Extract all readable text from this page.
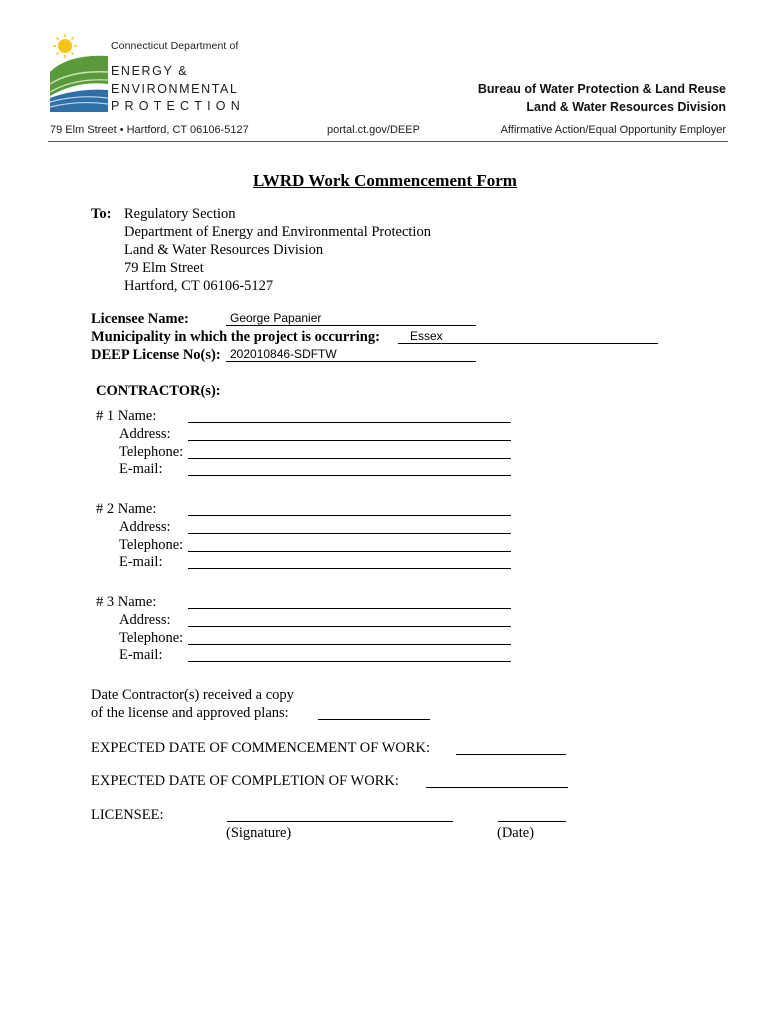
Connecticut Department of
ENERGY &
ENVIRONMENTAL
PROTECTION
Bureau of Water Protection & Land Reuse
Land & Water Resources Division
79 Elm Street • Hartford, CT 06106-5127	portal.ct.gov/DEEP	Affirmative Action/Equal Opportunity Employer
LWRD Work Commencement Form
To: Regulatory Section
Department of Energy and Environmental Protection
Land & Water Resources Division
79 Elm Street
Hartford, CT 06106-5127
Licensee Name:	George Papanier
Municipality in which the project is occurring:	Essex
DEEP License No(s): 202010846-SDFTW
CONTRACTOR(s):
# 1 Name:
Address:
Telephone:
E-mail:
# 2 Name:
Address:
Telephone:
E-mail:
# 3 Name:
Address:
Telephone:
E-mail:
Date Contractor(s) received a copy
of the license and approved plans:
EXPECTED DATE OF COMMENCEMENT OF WORK:
EXPECTED DATE OF COMPLETION OF WORK:
LICENSEE:
(Signature)	(Date)
